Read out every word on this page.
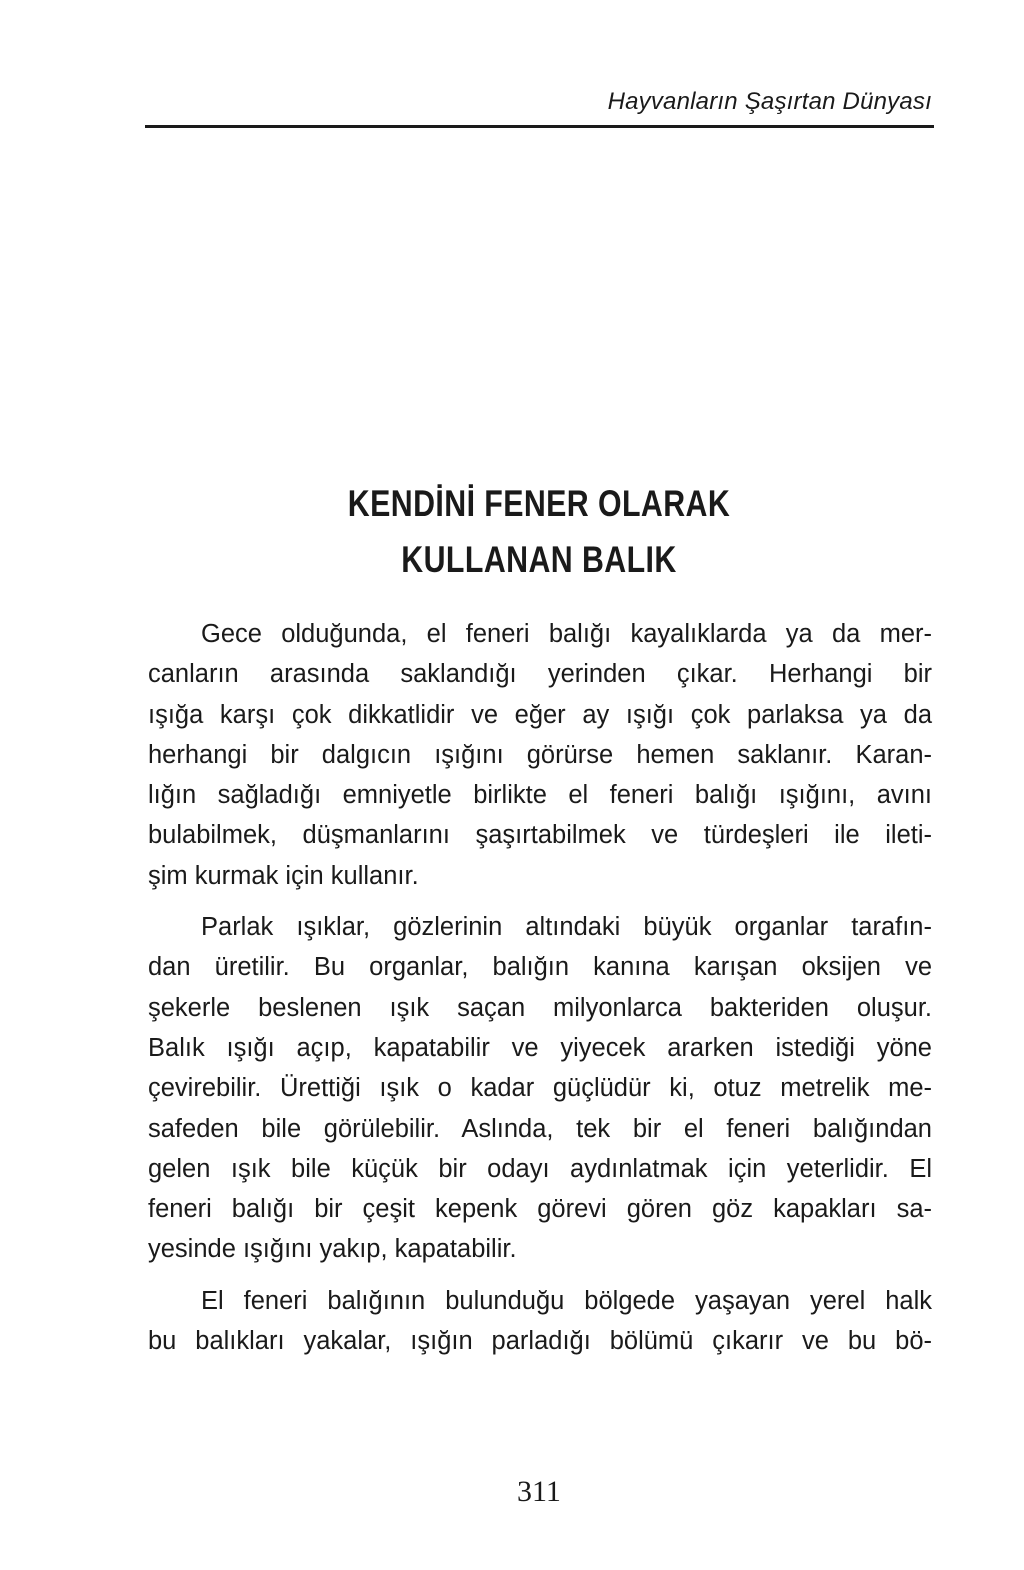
Hayvanların Şaşırtan Dünyası
KENDİNİ FENER OLARAK
KULLANAN BALIK

Gece olduğunda, el feneri balığı kayalıklarda ya da mer-
canların arasında saklandığı yerinden çıkar. Herhangi bir
ışığa karşı çok dikkatlidir ve eğer ay ışığı çok parlaksa ya da
herhangi bir dalgıcın ışığını görürse hemen saklanır. Karan-
lığın sağladığı emniyetle birlikte el feneri balığı ışığını, avını
bulabilmek, düşmanlarını şaşırtabilmek ve türdeşleri ile ileti-
şim kurmak için kullanır.

Parlak ışıklar, gözlerinin altındaki büyük organlar tarafın-
dan üretilir. Bu organlar, balığın kanına karışan oksijen ve
şekerle beslenen ışık saçan milyonlarca bakteriden oluşur.
Balık ışığı açıp, kapatabilir ve yiyecek ararken istediği yöne
çevirebilir. Ürettiği ışık o kadar güçlüdür ki, otuz metrelik me-
safeden bile görülebilir. Aslında, tek bir el feneri balığından
gelen ışık bile küçük bir odayı aydınlatmak için yeterlidir. El
feneri balığı bir çeşit kepenk görevi gören göz kapakları sa-
yesinde ışığını yakıp, kapatabilir.

El feneri balığının bulunduğu bölgede yaşayan yerel halk
bu balıkları yakalar, ışığın parladığı bölümü çıkarır ve bu bö-

311
